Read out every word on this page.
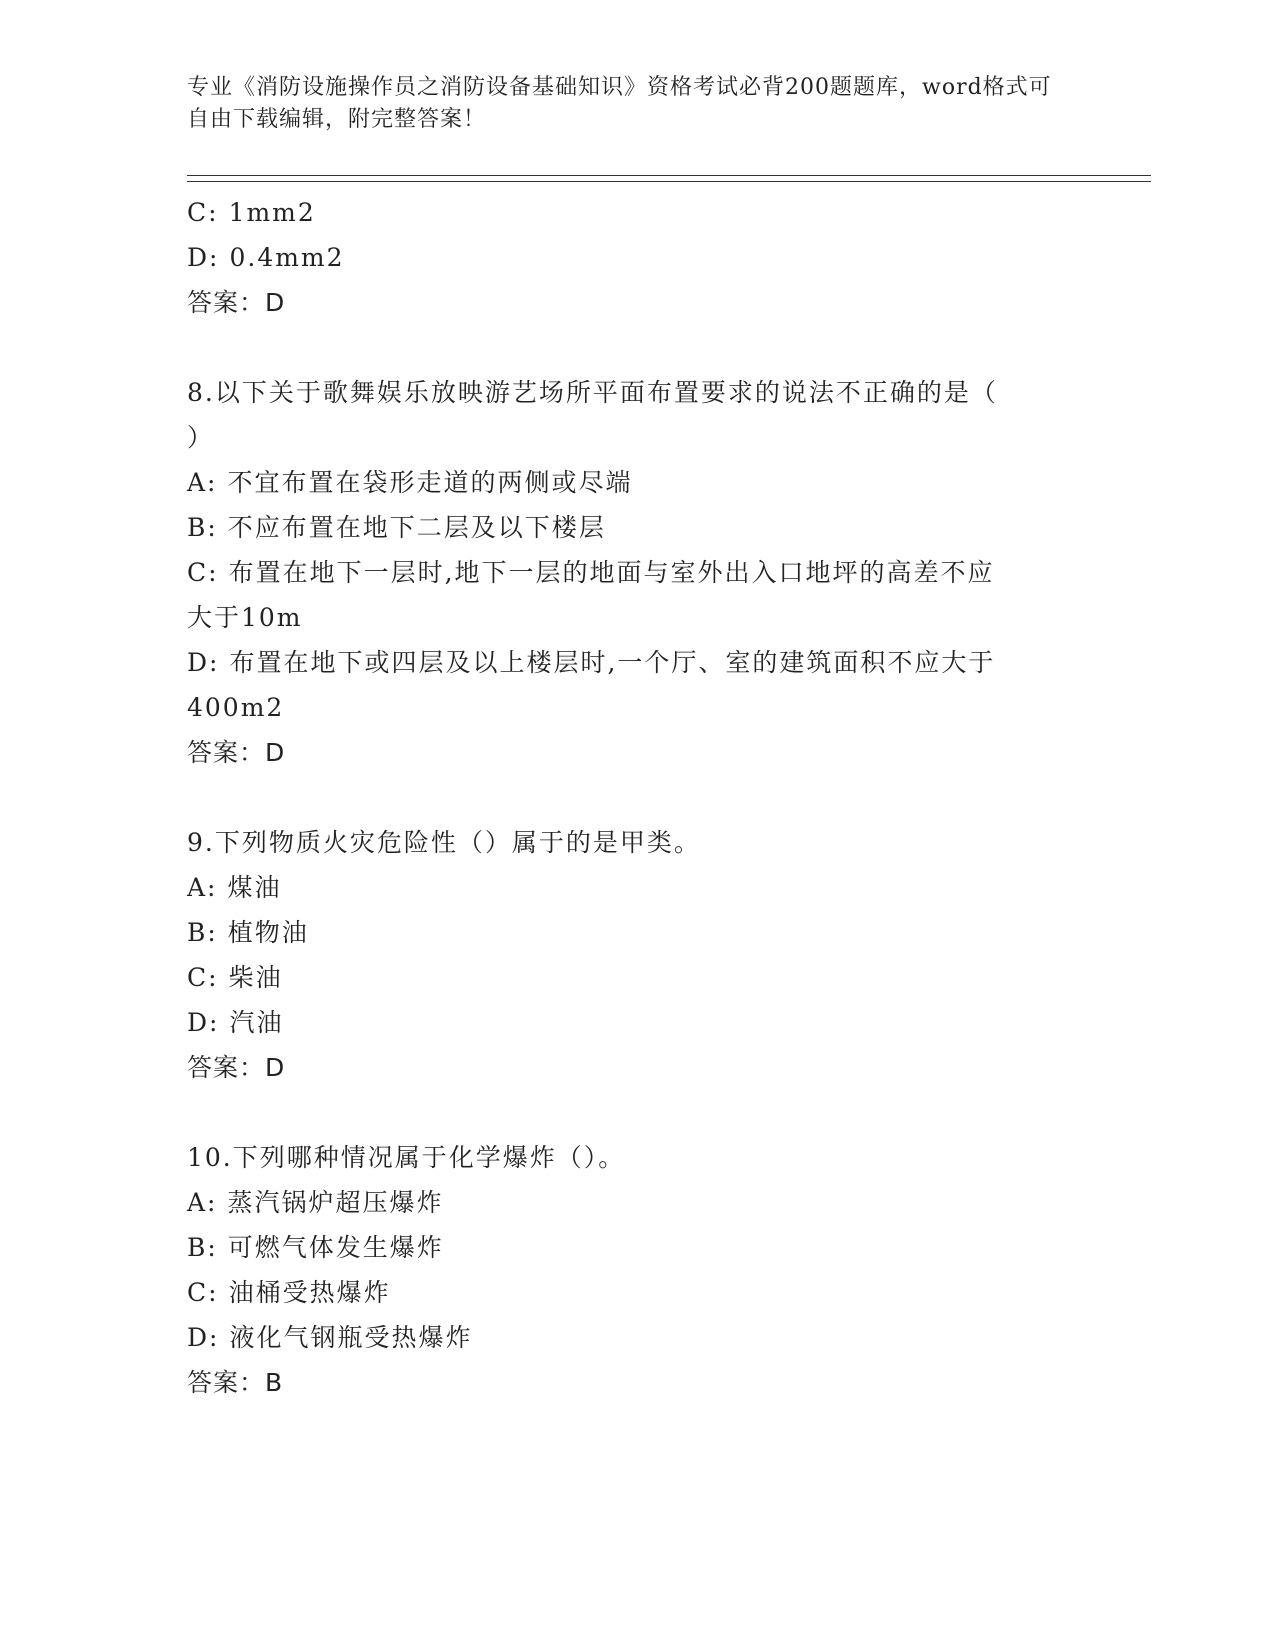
专业《消防设施操作员之消防设备基础知识》资格考试必背200题题库，word格式可自由下载编辑，附完整答案！
C: 1mm2
D: 0.4mm2
答案：D
8.以下关于歌舞娱乐放映游艺场所平面布置要求的说法不正确的是（
）
A: 不宜布置在袋形走道的两侧或尽端
B: 不应布置在地下二层及以下楼层
C: 布置在地下一层时,地下一层的地面与室外出入口地坪的高差不应
大于10m
D: 布置在地下或四层及以上楼层时,一个厅、室的建筑面积不应大于
400m2
答案：D
9.下列物质火灾危险性（）属于的是甲类。
A: 煤油
B: 植物油
C: 柴油
D: 汽油
答案：D
10.下列哪种情况属于化学爆炸（）。
A: 蒸汽锅炉超压爆炸
B: 可燃气体发生爆炸
C: 油桶受热爆炸
D: 液化气钢瓶受热爆炸
答案：B
